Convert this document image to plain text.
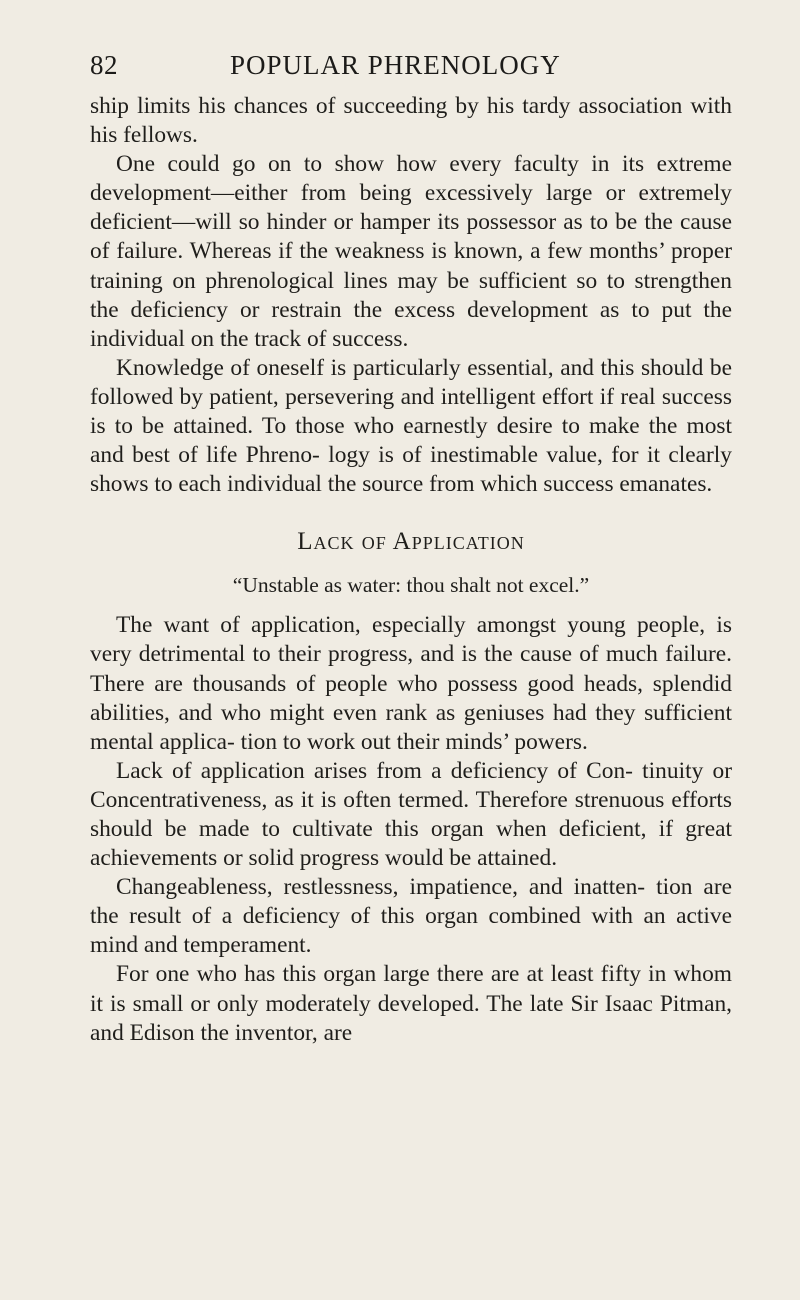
82	POPULAR PHRENOLOGY

ship limits his chances of succeeding by his tardy association with his fellows.

One could go on to show how every faculty in its extreme development—either from being excessively large or extremely deficient—will so hinder or hamper its possessor as to be the cause of failure. Whereas if the weakness is known, a few months’ proper training on phrenological lines may be sufficient so to strengthen the deficiency or restrain the excess development as to put the individual on the track of success.

Knowledge of oneself is particularly essential, and this should be followed by patient, persevering and intelligent effort if real success is to be attained. To those who earnestly desire to make the most and best of life Phreno- logy is of inestimable value, for it clearly shows to each individual the source from which success emanates.

Lack of Application
“Unstable as water: thou shalt not excel.”

The want of application, especially amongst young people, is very detrimental to their progress, and is the cause of much failure. There are thousands of people who possess good heads, splendid abilities, and who might even rank as geniuses had they sufficient mental applica- tion to work out their minds’ powers.

Lack of application arises from a deficiency of Con- tinuity or Concentrativeness, as it is often termed. Therefore strenuous efforts should be made to cultivate this organ when deficient, if great achievements or solid progress would be attained.

Changeableness, restlessness, impatience, and inatten- tion are the result of a deficiency of this organ combined with an active mind and temperament.

For one who has this organ large there are at least fifty in whom it is small or only moderately developed. The late Sir Isaac Pitman, and Edison the inventor, are
